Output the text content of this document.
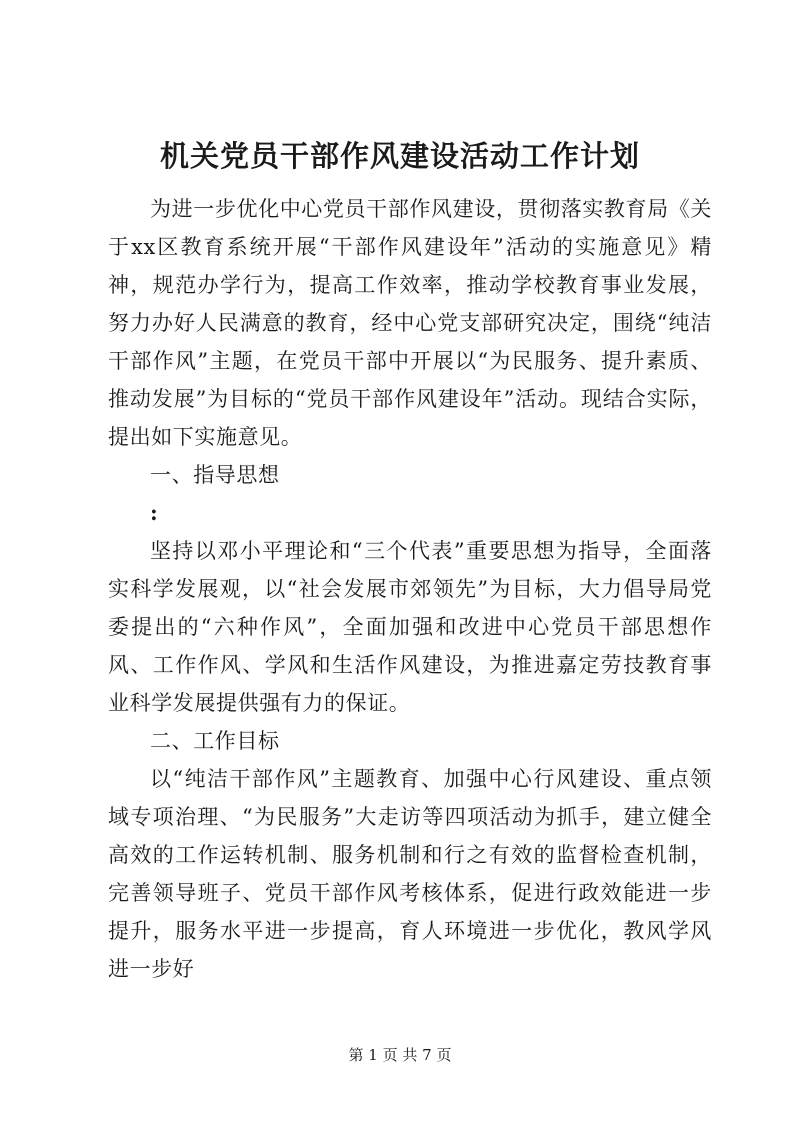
机关党员干部作风建设活动工作计划

为进一步优化中心党员干部作风建设，贯彻落实教育局《关于xx区教育系统开展“干部作风建设年”活动的实施意见》精神，规范办学行为，提高工作效率，推动学校教育事业发展，努力办好人民满意的教育，经中心党支部研究决定，围绕“纯洁干部作风”主题，在党员干部中开展以“为民服务、提升素质、推动发展”为目标的“党员干部作风建设年”活动。现结合实际，提出如下实施意见。

一、指导思想

:

坚持以邓小平理论和“三个代表”重要思想为指导，全面落实科学发展观，以“社会发展市郊领先”为目标，大力倡导局党委提出的“六种作风”，全面加强和改进中心党员干部思想作风、工作作风、学风和生活作风建设，为推进嘉定劳技教育事业科学发展提供强有力的保证。

二、工作目标

以“纯洁干部作风”主题教育、加强中心行风建设、重点领域专项治理、“为民服务”大走访等四项活动为抓手，建立健全高效的工作运转机制、服务机制和行之有效的监督检查机制，完善领导班子、党员干部作风考核体系，促进行政效能进一步提升，服务水平进一步提高，育人环境进一步优化，教风学风进一步好

第 1 页 共 7 页
